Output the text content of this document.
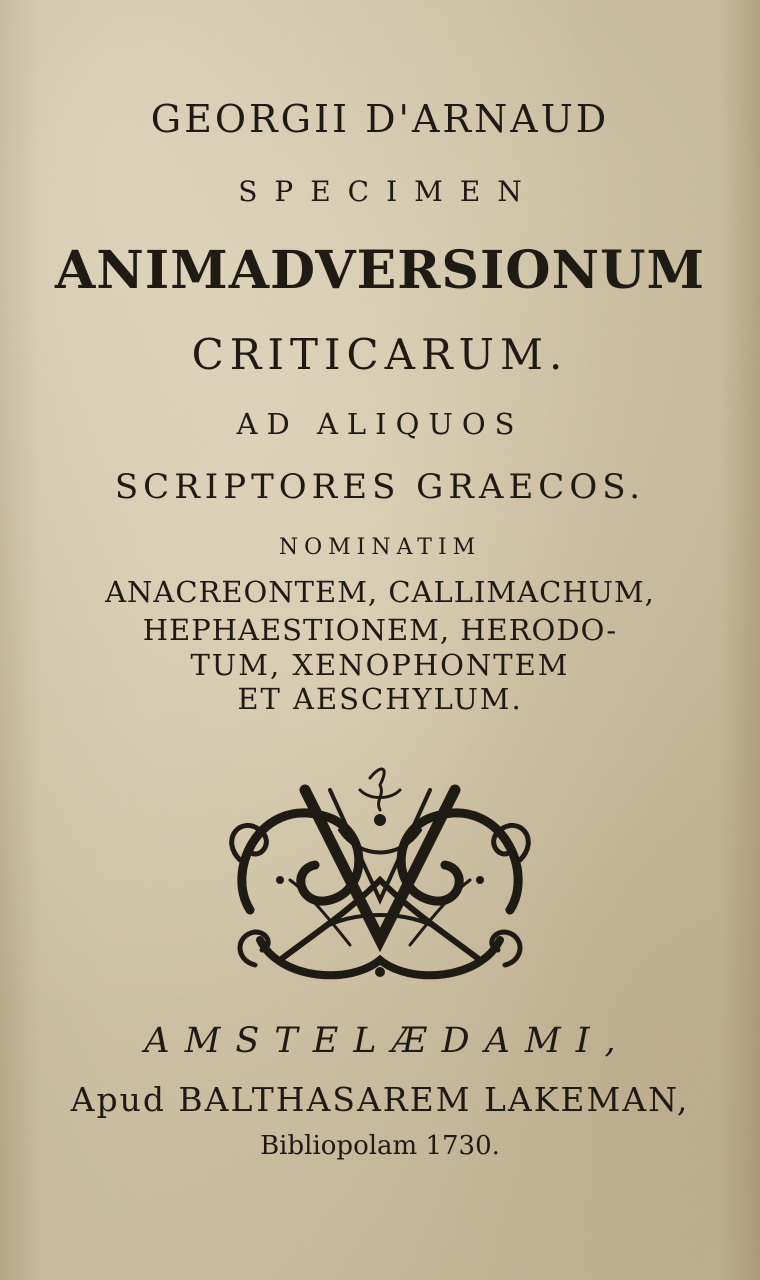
GEORGII D'ARNAUD
SPECIMEN
ANIMADVERSIONUM
CRITICARUM.
AD ALIQUOS
SCRIPTORES GRAECOS.
NOMINATIM
ANACREONTEM, CALLIMACHUM,
HEPHAESTIONEM, HERODO-
TUM, XENOPHONTEM
ET AESCHYLUM.
AMSTELÆDAMI,
Apud BALTHASAREM LAKEMAN,
Bibliopolam 1730.
